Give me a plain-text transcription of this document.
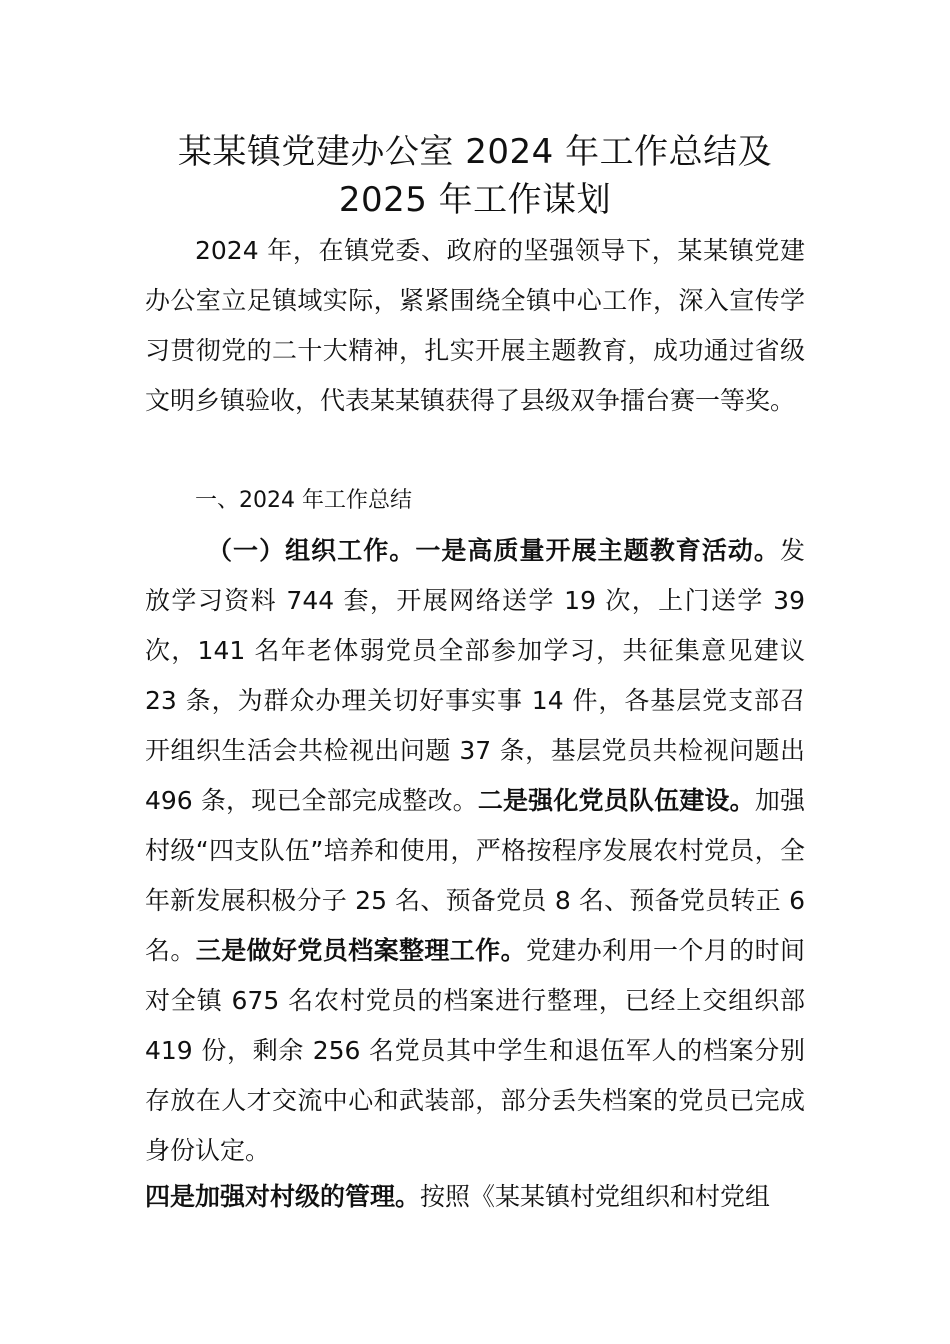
某某镇党建办公室 2024 年工作总结及
2025 年工作谋划

2024 年，在镇党委、政府的坚强领导下，某某镇党建办公室立足镇域实际，紧紧围绕全镇中心工作，深入宣传学习贯彻党的二十大精神，扎实开展主题教育，成功通过省级文明乡镇验收，代表某某镇获得了县级双争擂台赛一等奖。

一、2024 年工作总结

（一）组织工作。一是高质量开展主题教育活动。发放学习资料 744 套，开展网络送学 19 次，上门送学 39 次，141 名年老体弱党员全部参加学习，共征集意见建议 23 条，为群众办理关切好事实事 14 件，各基层党支部召开组织生活会共检视出问题 37 条，基层党员共检视问题出 496 条，现已全部完成整改。二是强化党员队伍建设。加强村级“四支队伍”培养和使用，严格按程序发展农村党员，全年新发展积极分子 25 名、预备党员 8 名、预备党员转正 6 名。三是做好党员档案整理工作。党建办利用一个月的时间对全镇 675 名农村党员的档案进行整理，已经上交组织部 419 份，剩余 256 名党员其中学生和退伍军人的档案分别存放在人才交流中心和武装部，部分丢失档案的党员已完成身份认定。

四是加强对村级的管理。按照《某某镇村党组织和村党组
